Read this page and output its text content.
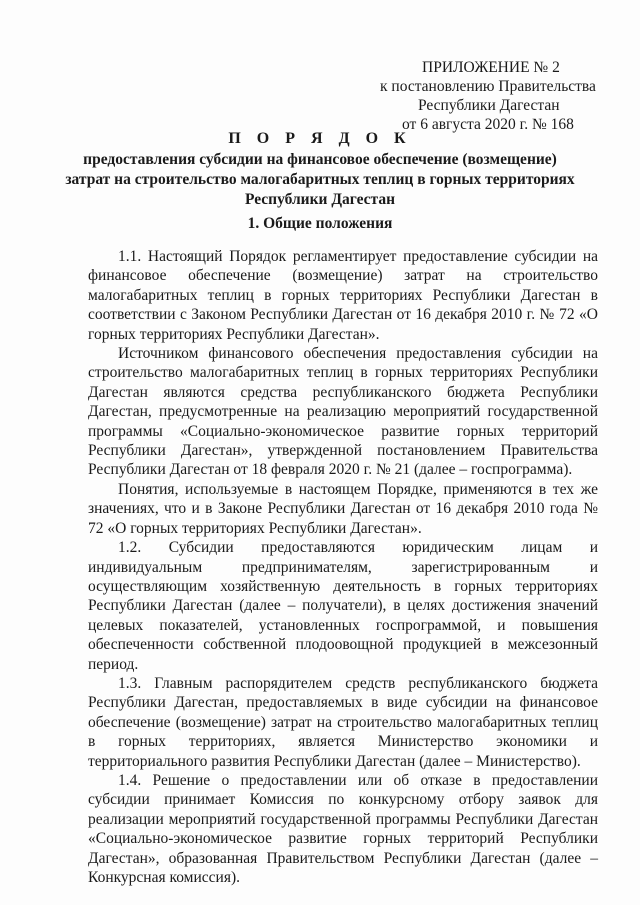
ПРИЛОЖЕНИЕ № 2
к постановлению Правительства
Республики Дагестан
от 6 августа 2020 г. № 168
П О Р Я Д О К
предоставления субсидии на финансовое обеспечение (возмещение) затрат на строительство малогабаритных теплиц в горных территориях Республики Дагестан
1. Общие положения

1.1. Настоящий Порядок регламентирует предоставление субсидии на финансовое обеспечение (возмещение) затрат на строительство малогабаритных теплиц в горных территориях Республики Дагестан в соответствии с Законом Республики Дагестан от 16 декабря 2010 г. № 72 «О горных территориях Республики Дагестан».

Источником финансового обеспечения предоставления субсидии на строительство малогабаритных теплиц в горных территориях Республики Дагестан являются средства республиканского бюджета Республики Дагестан, предусмотренные на реализацию мероприятий государственной программы «Социально-экономическое развитие горных территорий Республики Дагестан», утвержденной постановлением Правительства Республики Дагестан от 18 февраля 2020 г. № 21 (далее – госпрограмма).

Понятия, используемые в настоящем Порядке, применяются в тех же значениях, что и в Законе Республики Дагестан от 16 декабря 2010 года № 72 «О горных территориях Республики Дагестан».

1.2. Субсидии предоставляются юридическим лицам и индивидуальным предпринимателям, зарегистрированным и осуществляющим хозяйственную деятельность в горных территориях Республики Дагестан (далее – получатели), в целях достижения значений целевых показателей, установленных госпрограммой, и повышения обеспеченности собственной плодоовощной продукцией в межсезонный период.

1.3. Главным распорядителем средств республиканского бюджета Республики Дагестан, предоставляемых в виде субсидии на финансовое обеспечение (возмещение) затрат на строительство малогабаритных теплиц в горных территориях, является Министерство экономики и территориального развития Республики Дагестан (далее – Министерство).

1.4. Решение о предоставлении или об отказе в предоставлении субсидии принимает Комиссия по конкурсному отбору заявок для реализации мероприятий государственной программы Республики Дагестан «Социально-экономическое развитие горных территорий Республики Дагестан», образованная Правительством Республики Дагестан (далее – Конкурсная комиссия).
